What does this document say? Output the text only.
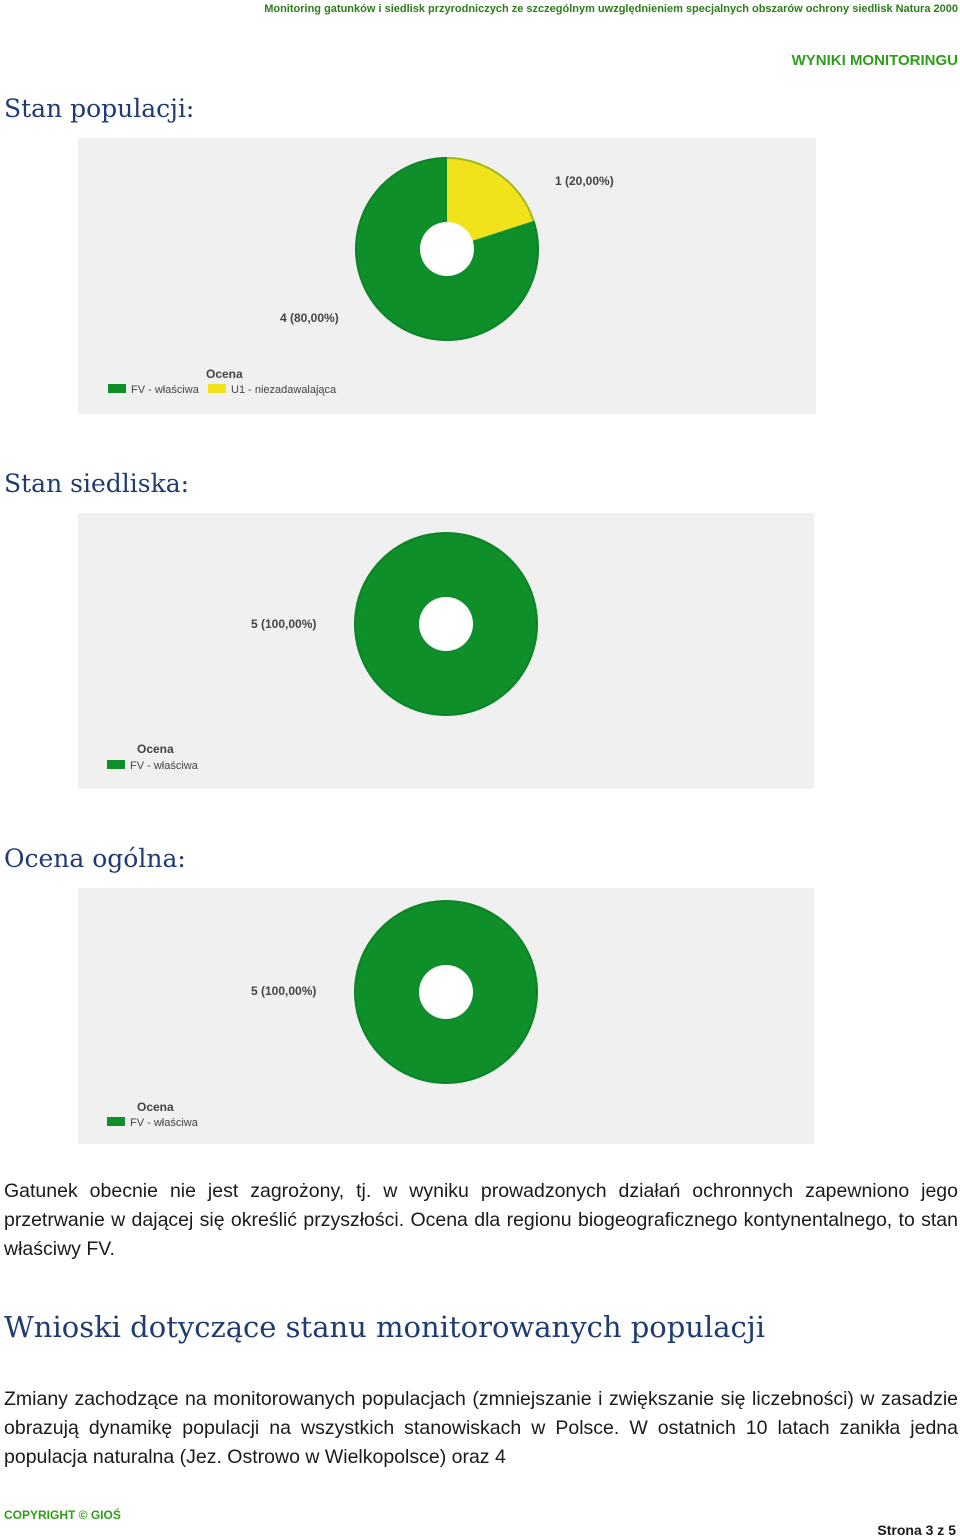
Monitoring gatunków i siedlisk przyrodniczych ze szczególnym uwzględnieniem specjalnych obszarów ochrony siedlisk Natura 2000
WYNIKI MONITORINGU
Stan populacji:
4 (80,00%)
1 (20,00%)
Ocena
FV - właściwa	U1 - niezadawalająca
Stan siedliska:
5 (100,00%)
Ocena
FV - właściwa
Ocena ogólna:
5 (100,00%)
Ocena
FV - właściwa
Gatunek obecnie nie jest zagrożony, tj. w wyniku prowadzonych działań ochronnych zapewniono jego przetrwanie w dającej się określić przyszłości. Ocena dla regionu biogeograficznego kontynentalnego, to stan właściwy FV.
Wnioski dotyczące stanu monitorowanych populacji
Zmiany zachodzące na monitorowanych populacjach (zmniejszanie i zwiększanie się liczebności) w zasadzie obrazują dynamikę populacji na wszystkich stanowiskach w Polsce. W ostatnich 10 latach zanikła jedna populacja naturalna (Jez. Ostrowo w Wielkopolsce) oraz 4
COPYRIGHT © GIOŚ
Strona 3 z 5
